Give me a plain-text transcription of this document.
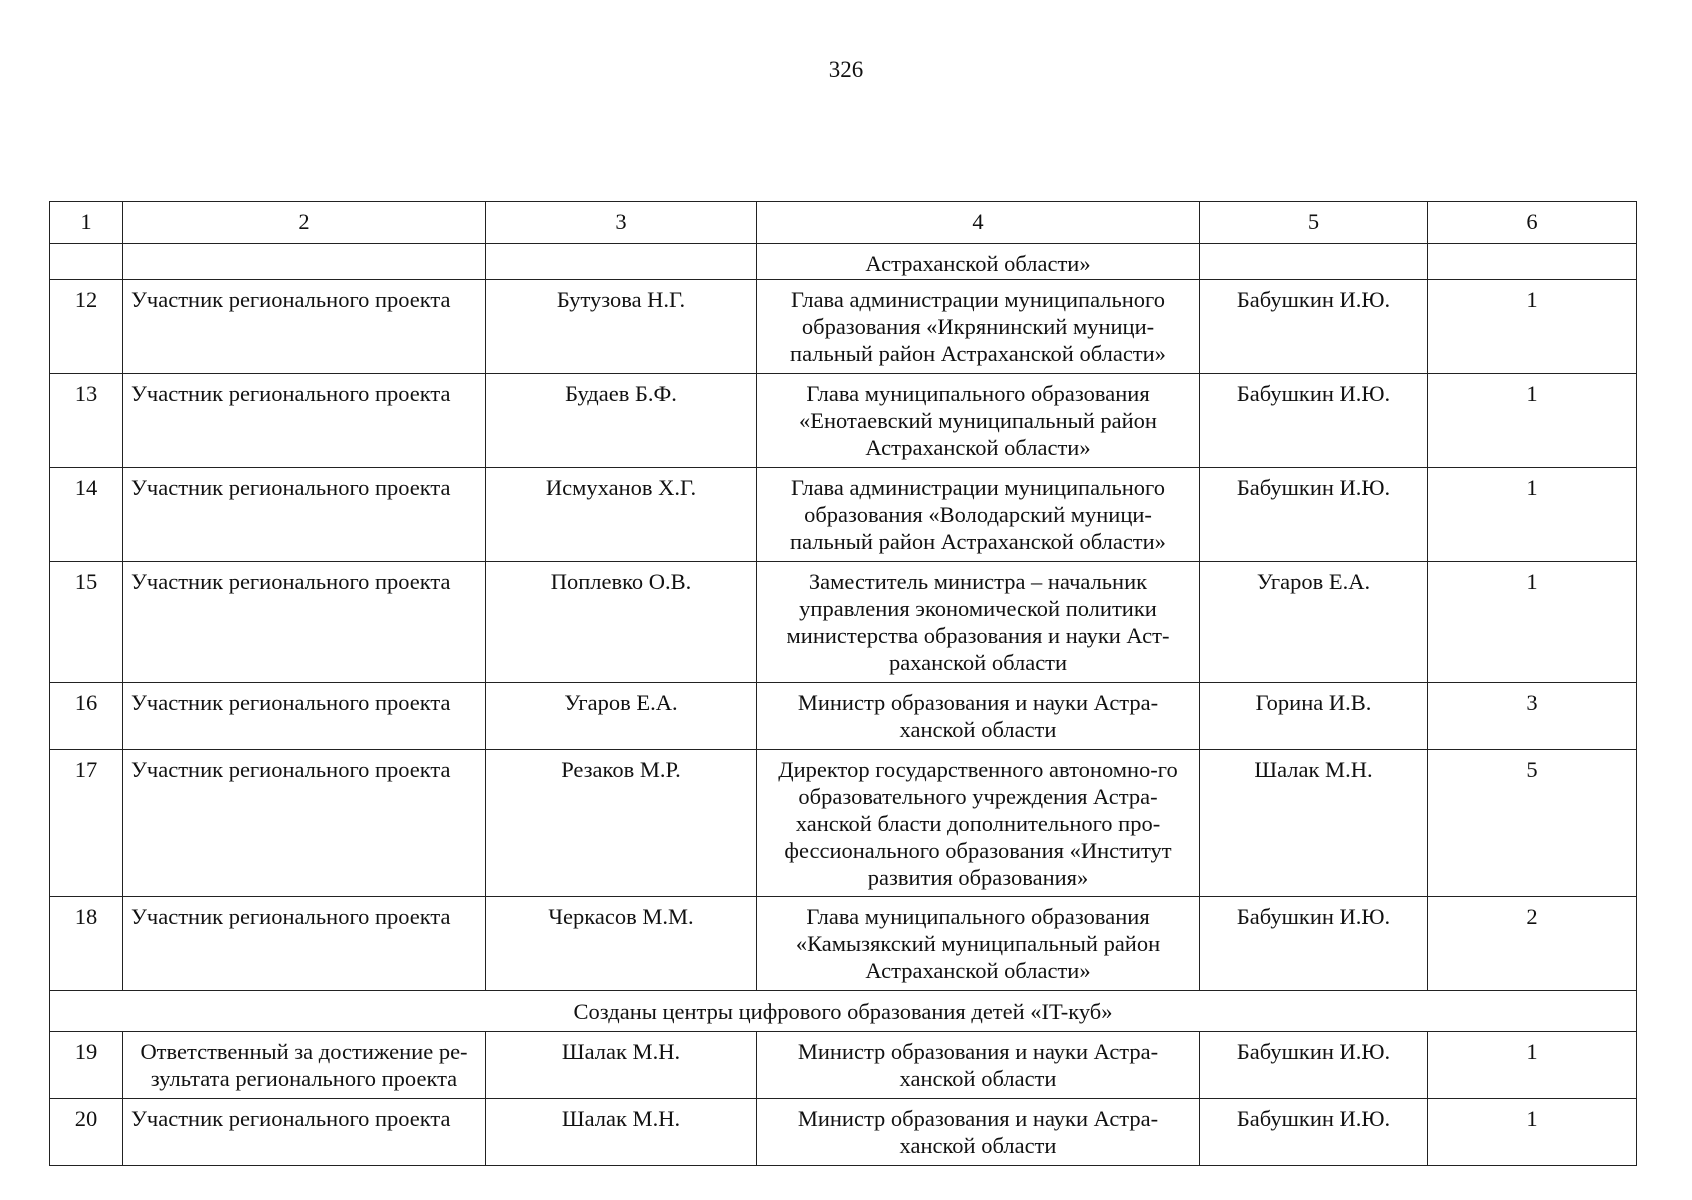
326
1	2	3	4	5	6
			Астраханской области»		
12	Участник регионального проекта	Бутузова Н.Г.	Глава администрации муниципального образования «Икрянинский муници-пальный район Астраханской области»	Бабушкин И.Ю.	1
13	Участник регионального проекта	Будаев Б.Ф.	Глава муниципального образования «Енотаевский муниципальный район Астраханской области»	Бабушкин И.Ю.	1
14	Участник регионального проекта	Исмуханов Х.Г.	Глава администрации муниципального образования «Володарский муници-пальный район Астраханской области»	Бабушкин И.Ю.	1
15	Участник регионального проекта	Поплевко О.В.	Заместитель министра – начальник управления экономической политики министерства образования и науки Аст-раханской области	Угаров Е.А.	1
16	Участник регионального проекта	Угаров Е.А.	Министр образования и науки Астра-ханской области	Горина И.В.	3
17	Участник регионального проекта	Резаков М.Р.	Директор государственного автономно-го образовательного учреждения Астра-ханской бласти дополнительного про-фессионального образования «Институт развития образования»	Шалак М.Н.	5
18	Участник регионального проекта	Черкасов М.М.	Глава муниципального образования «Камызякский муниципальный район Астраханской области»	Бабушкин И.Ю.	2
Созданы центры цифрового образования детей «IT-куб»					
19	Ответственный за достижение ре-зультата регионального проекта	Шалак М.Н.	Министр образования и науки Астра-ханской области	Бабушкин И.Ю.	1
20	Участник регионального проекта	Шалак М.Н.	Министр образования и науки Астра-ханской области	Бабушкин И.Ю.	1
